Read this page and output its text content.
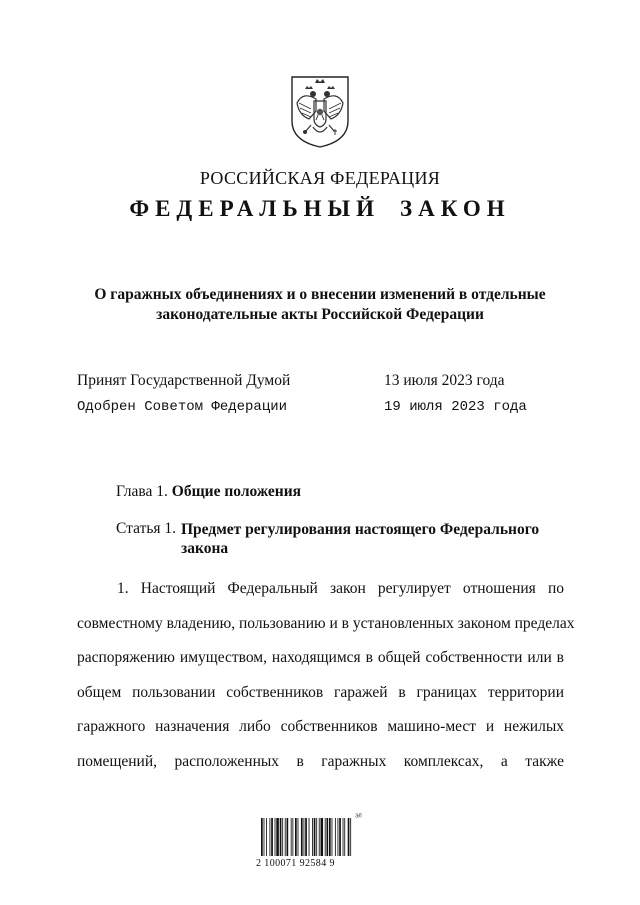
РОССИЙСКАЯ ФЕДЕРАЦИЯ
ФЕДЕРАЛЬНЫЙ ЗАКОН
О гаражных объединениях и о внесении изменений в отдельные
законодательные акты Российской Федерации
Принят Государственной Думой	13 июля 2023 года
Одобрен Советом Федерации	19 июля 2023 года
Глава 1. Общие положения
Статья 1. Предмет регулирования настоящего Федерального
закона
1. Настоящий Федеральный закон регулирует отношения по
совместному владению, пользованию и в установленных законом пределах
распоряжению имуществом, находящимся в общей собственности или в
общем пользовании собственников гаражей в границах территории
гаражного назначения либо собственников машино-мест и нежилых
помещений, расположенных в гаражных комплексах, а также
ЭЛ
2 100071 92584 9
